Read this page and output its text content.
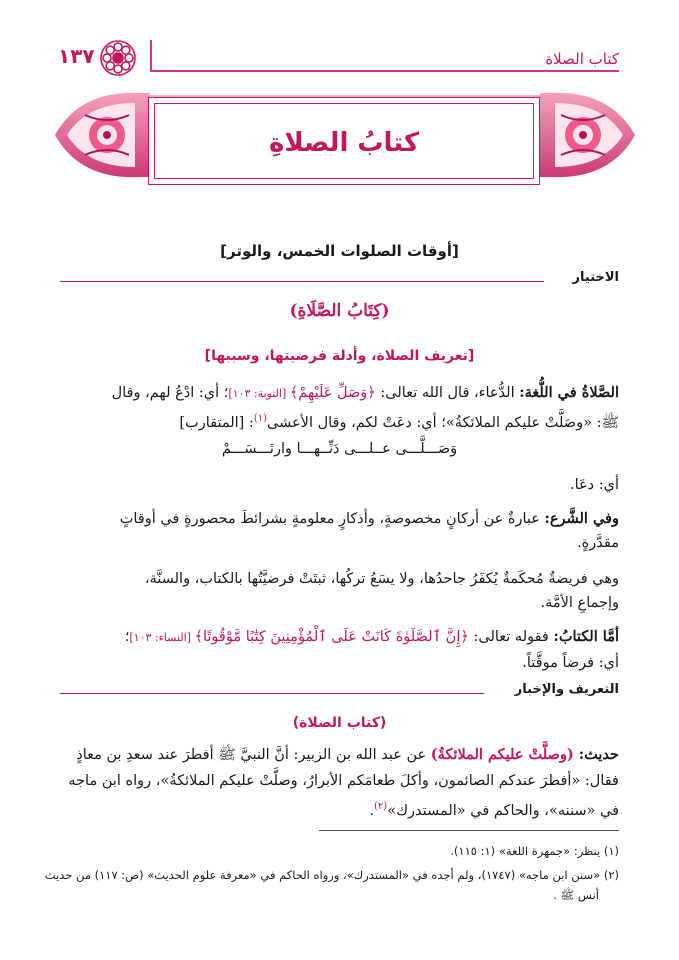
كتاب الصلاة
١٣٧
كتابُ الصلاةِ
[أوقات الصلوات الخمس، والوتر]
الاختيار
(كِتَابُ الصَّلَاةِ)
[تعريف الصلاة، وأدلة فرضيتها، وسببها]
الصَّلاةُ في اللُّغة: الدُّعاء، قال الله تعالى: ﴿وَصَلِّ عَلَيْهِمْ﴾ [التوبة: ١٠٣]؛ أي: ادْعُ لهم، وقال
ﷺ: «وصَلَّتْ عليكم الملائكةُ»؛ أي: دعَتْ لكم، وقال الأعشى$^{(١)}$: [المتقارب]
وَصَـــلَّـــى عــلـــى دَنِّــهـــا وارتَـــسَـــمْ
أي: دعَا.
وفي الشَّرع: عبارةٌ عن أركانٍ مخصوصةٍ، وأذكارٍ معلومةٍ بشرائطَ محصورةٍ في أوقاتٍ
مقدَّرةٍ.
وهي فريضةٌ مُحكَمةٌ يُكفَرُ جاحدُها، ولا يسَعُ تركُها، ثبتَتْ فرضيَّتُها بالكتاب، والسنَّة،
وإجماعِ الأمَّة.
أمَّا الكتابُ: فقوله تعالى: ﴿إِنَّ ٱلصَّلَوٰةَ كَانَتْ عَلَى ٱلْمُؤْمِنِينَ كِتَٰبًا مَّوْقُوتًا﴾ [النساء: ١٠٣]؛
أي: فرضاً موقَّتاً.
التعريف والإخبار
(كتاب الصلاة)
حديث: (وصلَّتْ عليكم الملائكةُ) عن عبد الله بن الزبير: أنَّ النبيَّ ﷺ أفطرَ عند سعدِ بن معاذٍ
فقال: «أفطرَ عندكم الصائمون، وأكلَ طعامَكم الأبرارُ، وصلَّتْ عليكم الملائكةُ»، رواه ابن ماجه
في «سننه»، والحاكم في «المستدرك»$^{(٢)}$.
(١) ينظر: «جمهرة اللغة» (١: ١١٥).
(٢) «سنن ابن ماجه» (١٧٤٧)، ولم أجده في «المستدرك»، ورواه الحاكم في «معرفة علوم الحديث» (ص: ١١٧) من حديث
أنس ﷺ .
